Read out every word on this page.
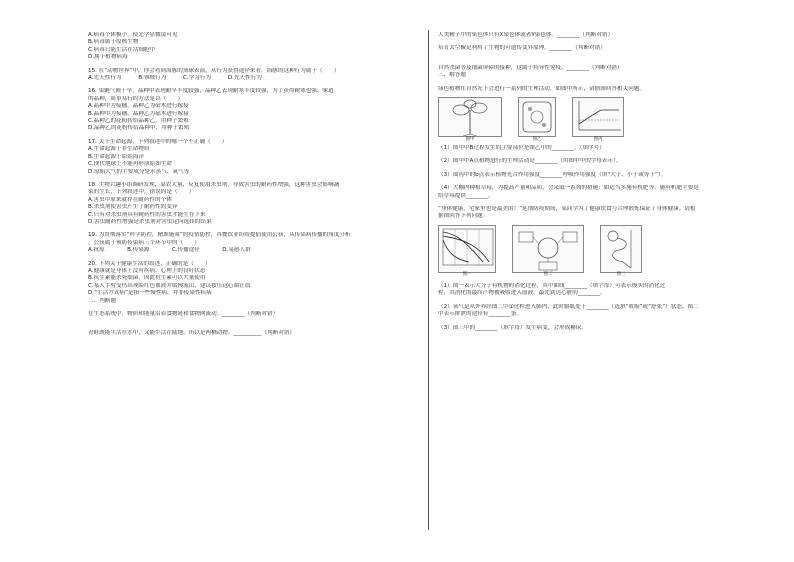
A.病毒个体极小，使光学显微镜可见
B.病毒属于原核生物
C.病毒只能生活在活细胞中
D.属于植物病毒
15. 在“动物世界”中，你会看到海豚的顶球表演，从行为获得途径来看，海豚的这种行为属于（　　）
A.先天性行为　　　B.领域行为　　　C.学习行为　　　D.先天性行为
16. 果蝇气候干旱，晶种甲表现耐旱丰度较强，晶种乙表现耐寒丰度较强，为了获得耐寒也强、味道
的晶种，简单易行的方法是以（　　）
A.晶种甲为接穗，晶种乙为砧木进行嫁接
B.晶种甲为接穗，晶种乙为砧木进行嫁接
C.晶种乙的花粉传给晶种乙，用种子繁殖
D.晶种乙的花粉传给晶种甲，用种子繁殖
17. 关于生命起源，下列叙述中的哪一个不正确（　　）
A.生命起源于非生命物质
B.生命起源于原始海洋
C.现代地球上不能再形成原始生命
D.原始大气的主要成分是水蒸气、氧气等
18. 生物兴趣小组调研发现，菜农大量，反复使用杀虫剂，导致害虫的耐药性增强，这种害虫会影响蔬
菜的生长，下列叙述中，错误的是（　　）
A.害虫中原来就存在耐药性的个体
B.杀虫剂使害虫产生了耐药性的变异
C.只有对杀虫剂具有耐药性的害虫才能生存下来
D.害虫耐药性增强是杀虫剂对害虫定向选择的结果
19. 为贯彻落实“科学防控，精准施策”的疫情防控，各餐饮业纷纷提倡使用公筷，从传染病传播的角度分析
，公筷属于预防传染病三个环节中的（　　）
A.抗原　　　　B.传染源　　　　C.传播途径　　　　D.易感人群
20. 下列关于健康生活的叙述，正确的是（　　）
A.健康就是身体上没有疾病，心理上的良好状态
B.抗生素能杀死细菌，因此抗生素可以大量使用
C.某人手臂受伤出现暗红色血液并缓慢流出，建议按压远心端止血
D.“生活方式病”是指一些慢性病，并非传染性疾病
二、判断题
在生态系统中，物质和能量沿着食物链和食物网流动。________（判断对错）
青蛙既能生活在水中，又能生活在陆地，所以是两栖动物。__________（判断对错）
人类精子中的染色体只有X染色体或者Y染色体。________（判断对错）
培育太空椒是利用了生物的可遗传变异原理。________（判断对错）
自然杀菌等及细菌屏障的接种，这属于特异性免疫。________（判断对错）
三、解答题
绿色植物在自然光下会进行一系列的生理活动，如图甲所示，请据图回答相关问题。
图甲	图乙	图丙
（1）图甲中B过程发生的主要部位是图乙中的________。（填序号）
（2）图甲中A点植物进行的生理活动是________（用图甲中的字母表示）。
（3）图丙中的b点表示植物光合作用强度________呼吸作用强度（填“大于、小于或等于”）。
（4）大棚内种植草莓，为提高产量和品质，会采取一系列的措施：如适当多施有机肥等。施有机肥主要是
给草莓提供________。
“身体健康，宅家里也是最美的！”延期防疫期间，某同学为了健康饮食与合理锻炼保证了身体健康。请根
据图回答下列问题：
图一	图二	图三
（1）图一表示大分子有机物的消化过程，其中曲线________（填字母）可表示馒头的消化过
程，其消化的最终产物被吸收进入血液，最先到达心脏的________。
（2）氧气是从外界经图二中①过程进入肺内，此时膈肌处于________（选填“收缩”或“舒张”）状态。图二
中表示排泄的途径有________条。
（3）图三中的________（填字母）发生病变，会形成糖尿。
